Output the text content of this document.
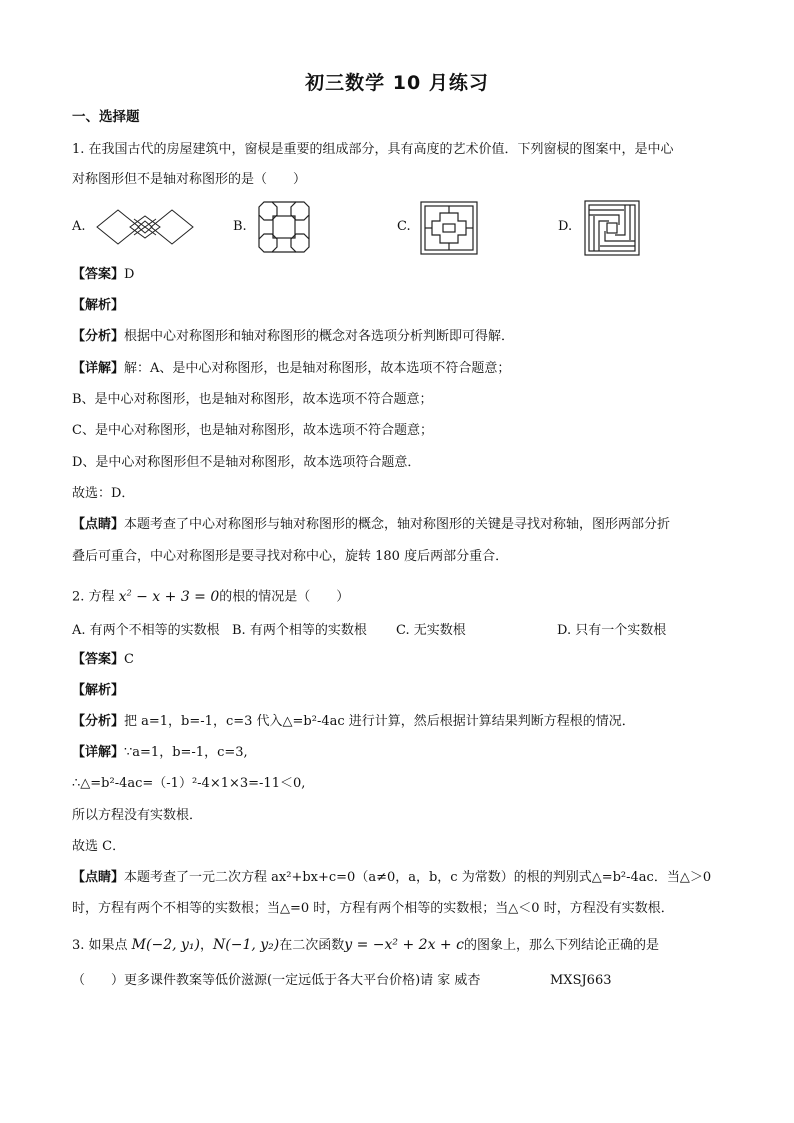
初三数学 10 月练习
一、选择题
1. 在我国古代的房屋建筑中，窗棂是重要的组成部分，具有高度的艺术价值．下列窗棂的图案中，是中心
对称图形但不是轴对称图形的是（　　）
A.	B.	C.	D.
【答案】D
【解析】
【分析】根据中心对称图形和轴对称图形的概念对各选项分析判断即可得解．
【详解】解：A、是中心对称图形，也是轴对称图形，故本选项不符合题意；
B、是中心对称图形，也是轴对称图形，故本选项不符合题意；
C、是中心对称图形，也是轴对称图形，故本选项不符合题意；
D、是中心对称图形但不是轴对称图形，故本选项符合题意．
故选：D．
【点睛】本题考查了中心对称图形与轴对称图形的概念，轴对称图形的关键是寻找对称轴，图形两部分折
叠后可重合，中心对称图形是要寻找对称中心，旋转 180 度后两部分重合．
2. 方程 $x^2 - x + 3 = 0$的根的情况是（　　）
A. 有两个不相等的实数根 B. 有两个相等的实数根 C. 无实数根	D. 只有一个实数根
【答案】C
【解析】
【分析】把 a=1，b=-1，c=3 代入△=b²-4ac 进行计算，然后根据计算结果判断方程根的情况．
【详解】∵a=1，b=-1，c=3,
∴△=b²-4ac=（-1）²-4×1×3=-11＜0,
所以方程没有实数根．
故选 C．
【点睛】本题考查了一元二次方程 ax²+bx+c=0（a≠0，a，b，c 为常数）的根的判别式△=b²-4ac．当△＞0
时，方程有两个不相等的实数根；当△=0 时，方程有两个相等的实数根；当△＜0 时，方程没有实数根．
3. 如果点 M(−2, y₁)，N(−1, y₂)在二次函数y = −x² + 2x + c的图象上，那么下列结论正确的是
（　　）更多课件教案等低价滋源(一定远低于各大平台价格)请 家 威杏	MXSJ663
